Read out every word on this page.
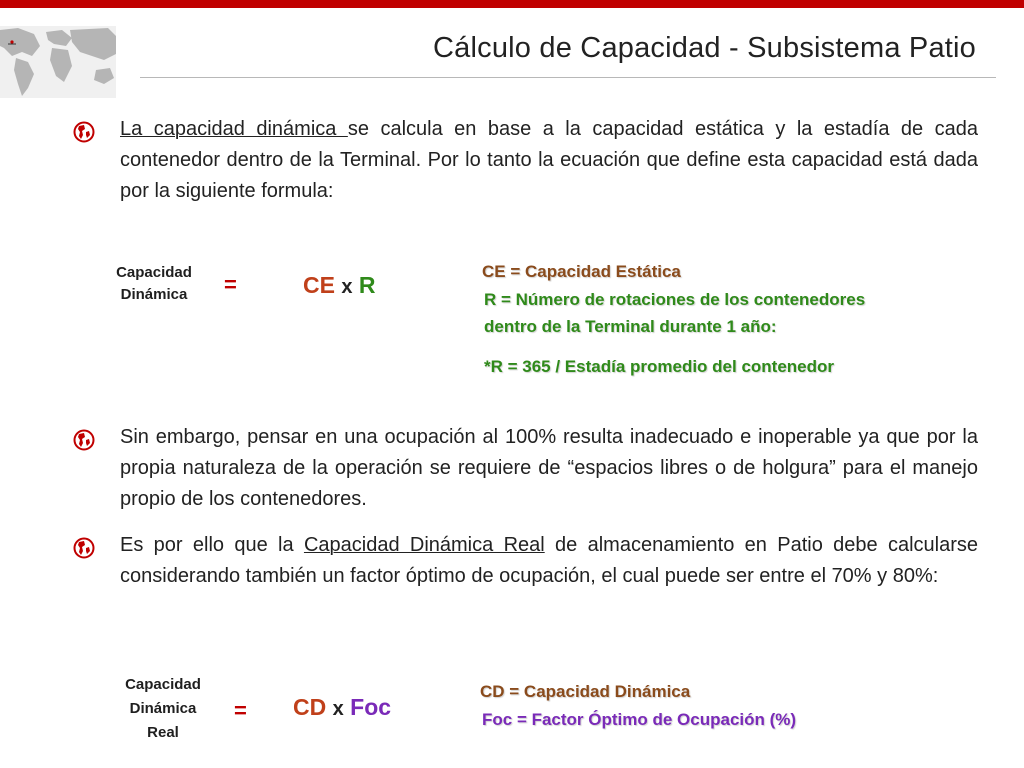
Cálculo de Capacidad - Subsistema Patio
La capacidad dinámica se calcula en base a la capacidad estática y la estadía de cada contenedor dentro de la Terminal. Por lo tanto la ecuación que define esta capacidad está dada por la siguiente formula:
Capacidad
Dinámica	=	CE x R
CE = Capacidad Estática
R = Número de rotaciones de los contenedores
dentro de la Terminal durante 1 año:
*R = 365 / Estadía promedio del contenedor
Sin embargo, pensar en una ocupación al 100% resulta inadecuado e inoperable ya que por la propia naturaleza de la operación se requiere de “espacios libres o de holgura” para el manejo propio de los contenedores.
Es por ello que la Capacidad Dinámica Real de almacenamiento en Patio debe calcularse considerando también un factor óptimo de ocupación, el cual puede ser entre el 70% y 80%:
Capacidad
Dinámica
Real
= CD x Foc
CD = Capacidad Dinámica
Foc = Factor Óptimo de Ocupación (%)
